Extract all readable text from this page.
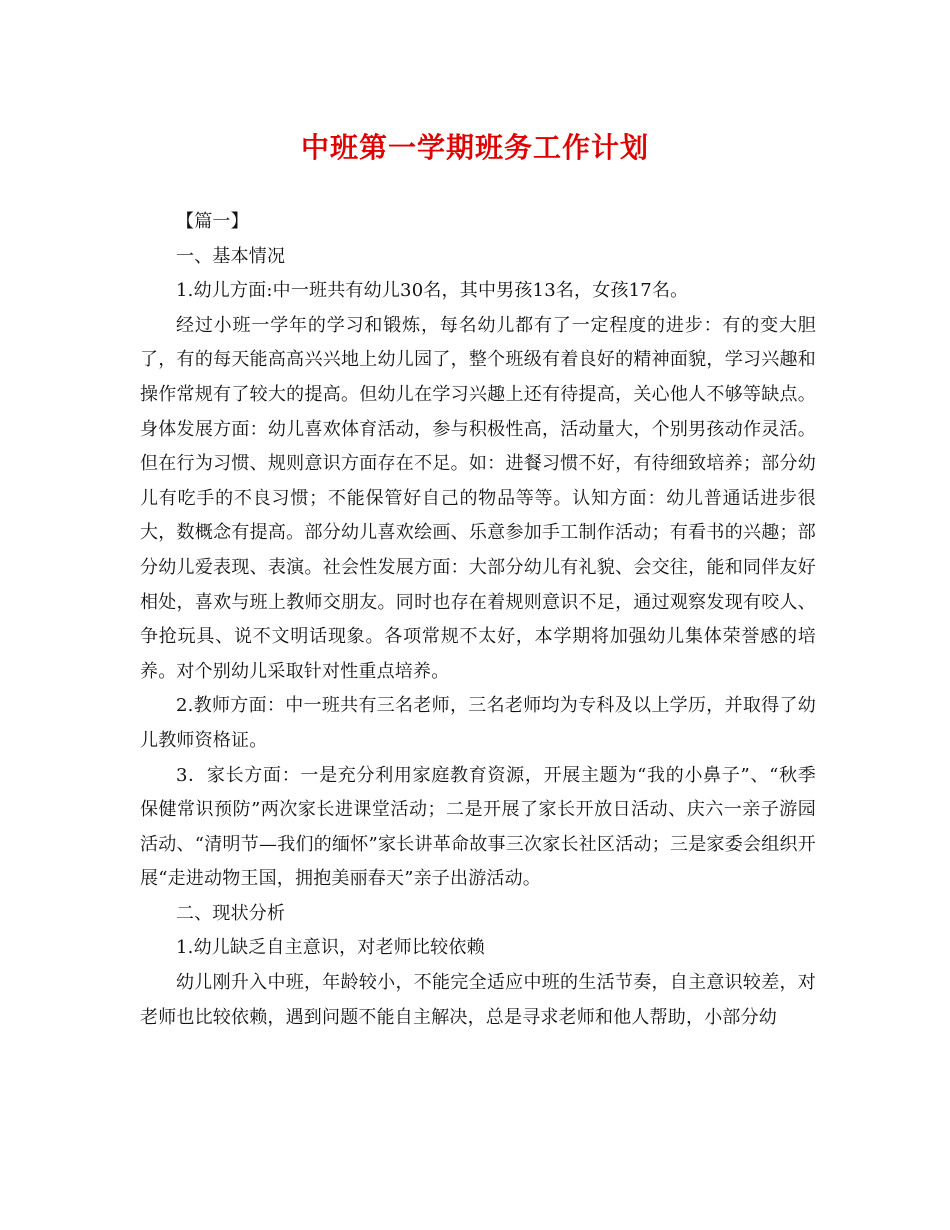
中班第一学期班务工作计划

【篇一】

一、基本情况

1.幼儿方面:中一班共有幼儿30名，其中男孩13名，女孩17名。

经过小班一学年的学习和锻炼，每名幼儿都有了一定程度的进步：有的变大胆了，有的每天能高高兴兴地上幼儿园了，整个班级有着良好的精神面貌，学习兴趣和操作常规有了较大的提高。但幼儿在学习兴趣上还有待提高，关心他人不够等缺点。身体发展方面：幼儿喜欢体育活动，参与积极性高，活动量大，个别男孩动作灵活。但在行为习惯、规则意识方面存在不足。如：进餐习惯不好，有待细致培养；部分幼儿有吃手的不良习惯；不能保管好自己的物品等等。认知方面：幼儿普通话进步很大，数概念有提高。部分幼儿喜欢绘画、乐意参加手工制作活动；有看书的兴趣；部分幼儿爱表现、表演。社会性发展方面：大部分幼儿有礼貌、会交往，能和同伴友好相处，喜欢与班上教师交朋友。同时也存在着规则意识不足，通过观察发现有咬人、争抢玩具、说不文明话现象。各项常规不太好，本学期将加强幼儿集体荣誉感的培养。对个别幼儿采取针对性重点培养。

2.教师方面：中一班共有三名老师，三名老师均为专科及以上学历，并取得了幼儿教师资格证。

3．家长方面：一是充分利用家庭教育资源，开展主题为“我的小鼻子”、“秋季保健常识预防”两次家长进课堂活动；二是开展了家长开放日活动、庆六一亲子游园活动、“清明节—我们的缅怀”家长讲革命故事三次家长社区活动；三是家委会组织开展“走进动物王国，拥抱美丽春天”亲子出游活动。

二、现状分析

1.幼儿缺乏自主意识，对老师比较依赖

幼儿刚升入中班，年龄较小，不能完全适应中班的生活节奏，自主意识较差，对老师也比较依赖，遇到问题不能自主解决，总是寻求老师和他人帮助，小部分幼
